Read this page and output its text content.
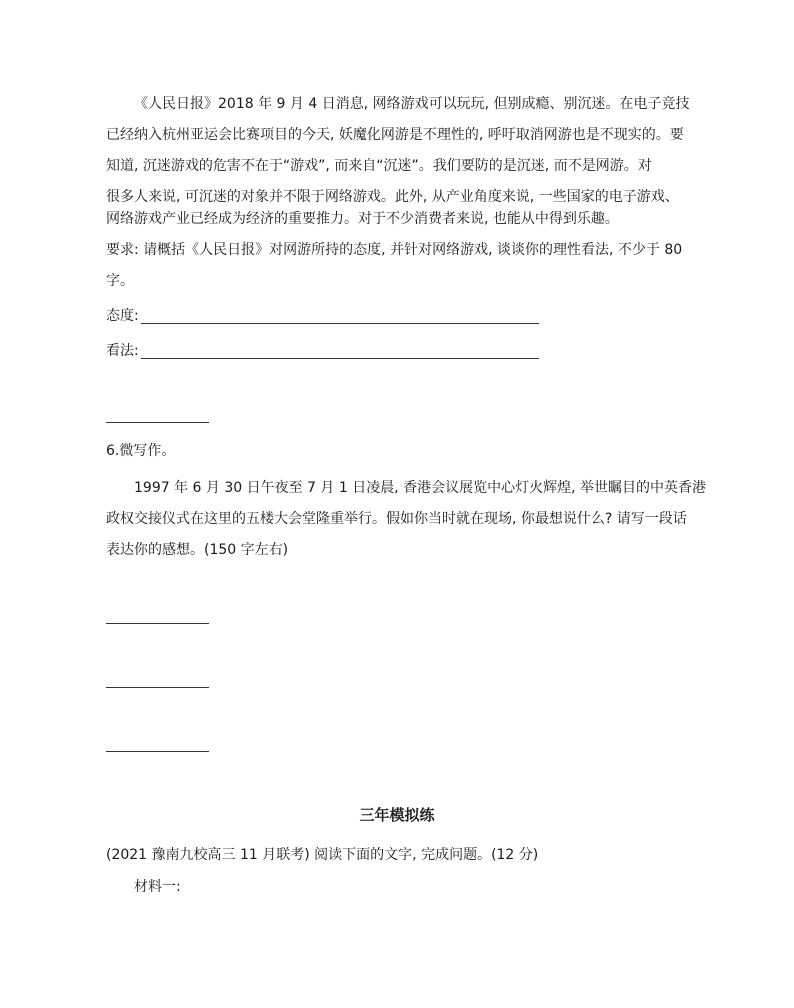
《人民日报》2018 年 9 月 4 日消息, 网络游戏可以玩玩, 但别成瘾、别沉迷。在电子竞技
已经纳入杭州亚运会比赛项目的今天, 妖魔化网游是不理性的, 呼吁取消网游也是不现实的。要
知道, 沉迷游戏的危害不在于“游戏”, 而来自“沉迷”。我们要防的是沉迷, 而不是网游。对
很多人来说, 可沉迷的对象并不限于网络游戏。此外, 从产业角度来说, 一些国家的电子游戏、
网络游戏产业已经成为经济的重要推力。对于不少消费者来说, 也能从中得到乐趣。
要求: 请概括《人民日报》对网游所持的态度, 并针对网络游戏, 谈谈你的理性看法, 不少于 80
字。
态度:
看法:
6.微写作。
1997 年 6 月 30 日午夜至 7 月 1 日凌晨, 香港会议展览中心灯火辉煌, 举世瞩目的中英香港
政权交接仪式在这里的五楼大会堂隆重举行。假如你当时就在现场, 你最想说什么? 请写一段话
表达你的感想。(150 字左右)
三年模拟练
(2021 豫南九校高三 11 月联考) 阅读下面的文字, 完成问题。(12 分)
材料一:
